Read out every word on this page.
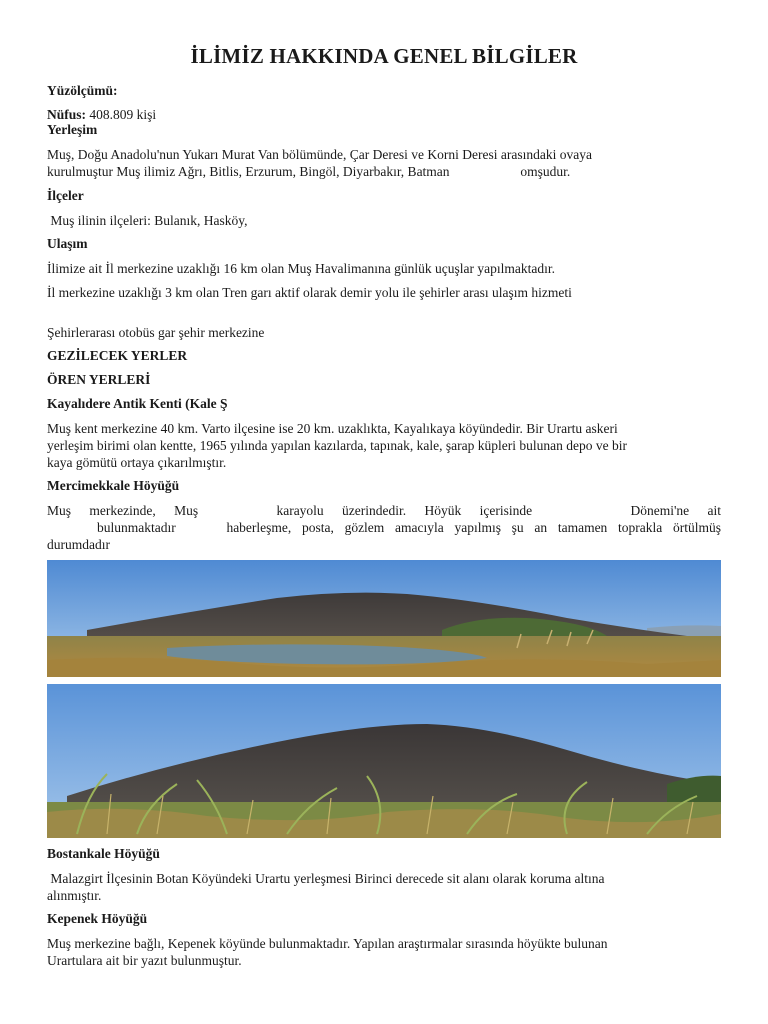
İLİMİZ HAKKINDA GENEL BİLGİLER
Yüzölçümü:
Nüfus: 408.809 kişi
Yerleşim
Muş, Doğu Anadolu'nun Yukarı Murat Van bölümünde, Çar Deresi ve Korni Deresi arasındaki ovaya
kurulmuştur Muş ilimiz Ağrı, Bitlis, Erzurum, Bingöl, Diyarbakır, Batman	omşudur.
İlçeler
Muş ilinin ilçeleri: Bulanık, Hasköy,
Ulaşım
İlimize ait İl merkezine uzaklığı 16 km olan Muş Havalimanına günlük uçuşlar yapılmaktadır.
İl merkezine uzaklığı 3 km olan Tren garı aktif olarak demir yolu ile şehirler arası ulaşım hizmeti
Şehirlerarası otobüs gar şehir merkezine
GEZİLECEK YERLER
ÖREN YERLERİ
Kayalıdere Antik Kenti (Kale Ş
Muş kent merkezine 40 km. Varto ilçesine ise 20 km. uzaklıkta, Kayalıkaya köyündedir. Bir Urartu askeri
yerleşim birimi olan kentte, 1965 yılında yapılan kazılarda, tapınak, kale, şarap küpleri bulunan depo ve bir
kaya gömütü ortaya çıkarılmıştır.
Mercimekkale Höyüğü
Muş merkezinde, Muş	karayolu üzerindedir. Höyük içerisinde	Dönemi'ne ait
bulunmaktadır	haberleşme, posta, gözlem amacıyla yapılmış şu an tamamen toprakla örtülmüş
durumdadır
Bostankale Höyüğü
Malazgirt İlçesinin Botan Köyündeki Urartu yerleşmesi Birinci derecede sit alanı olarak koruma altına
alınmıştır.
Kepenek Höyüğü
Muş merkezine bağlı, Kepenek köyünde bulunmaktadır. Yapılan araştırmalar sırasında höyükte bulunan
Urartulara ait bir yazıt bulunmuştur.
